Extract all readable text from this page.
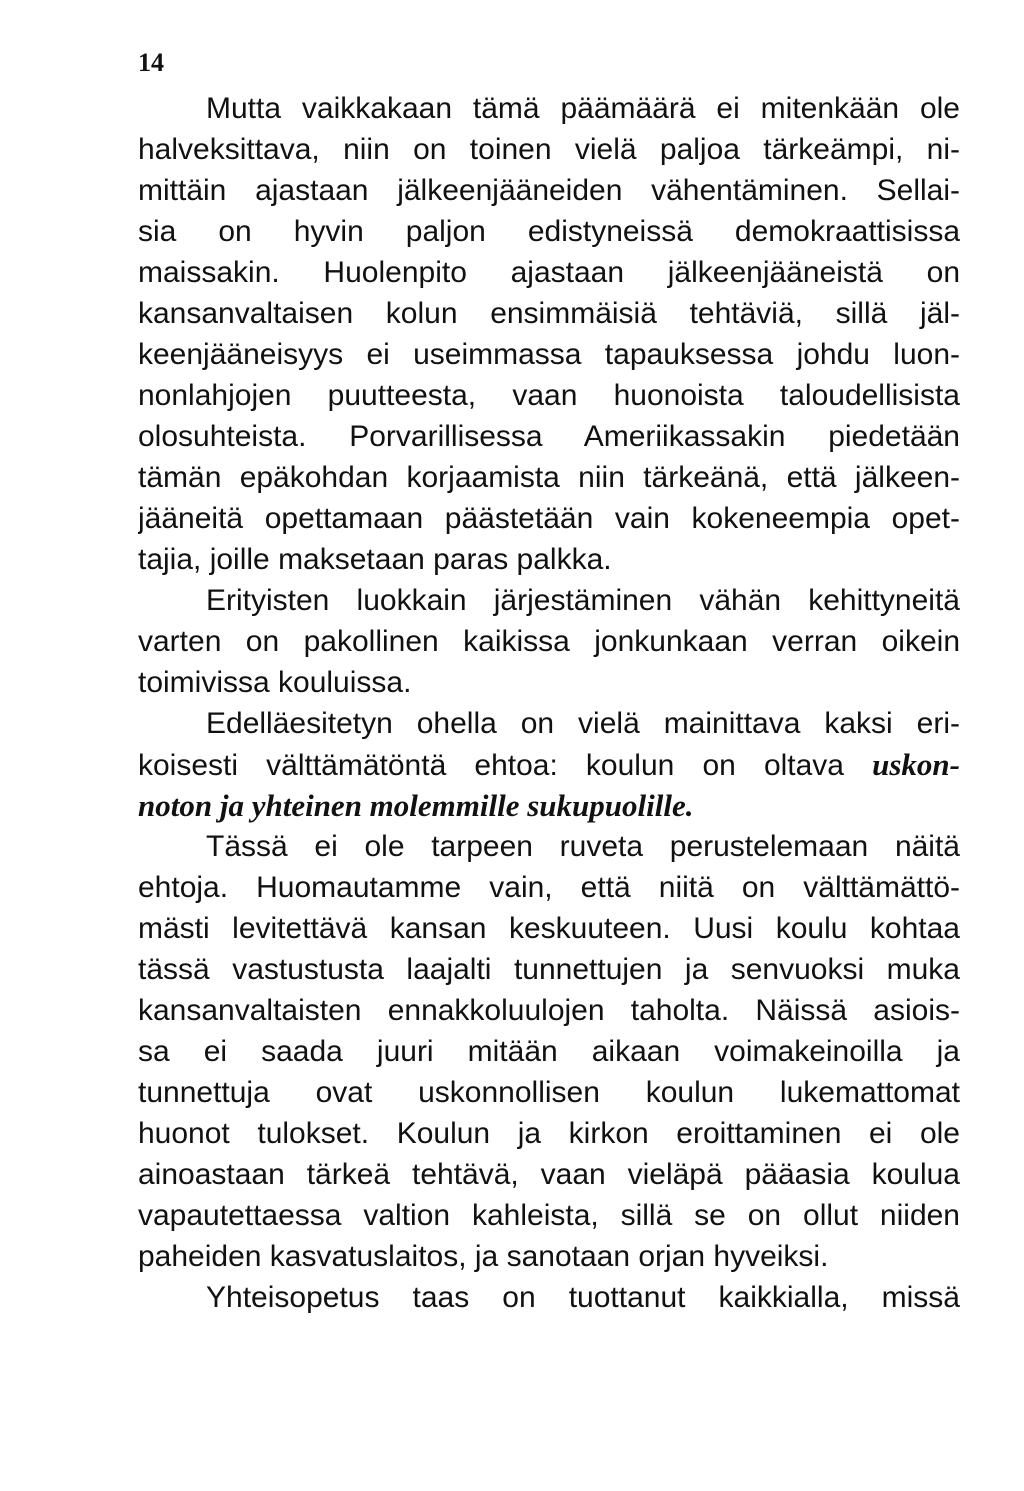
14
Mutta vaikkakaan tämä päämäärä ei mitenkään ole
halveksittava, niin on toinen vielä paljoa tärkeämpi, ni-
mittäin ajastaan jälkeenjääneiden vähentäminen. Sellai-
sia on hyvin paljon edistyneissä demokraattisissa
maissakin. Huolenpito ajastaan jälkeenjääneistä on
kansanvaltaisen kolun ensimmäisiä tehtäviä, sillä jäl-
keenjääneisyys ei useimmassa tapauksessa johdu luon-
nonlahjojen puutteesta, vaan huonoista taloudellisista
olosuhteista. Porvarillisessa Ameriikassakin piedetään
tämän epäkohdan korjaamista niin tärkeänä, että jälkeen-
jääneitä opettamaan päästetään vain kokeneempia opet-
tajia, joille maksetaan paras palkka.
Erityisten luokkain järjestäminen vähän kehittyneitä
varten on pakollinen kaikissa jonkunkaan verran oikein
toimivissa kouluissa.
Edelläesitetyn ohella on vielä mainittava kaksi eri-
koisesti välttämätöntä ehtoa: koulun on oltava uskon-
noton ja yhteinen molemmille sukupuolille.
Tässä ei ole tarpeen ruveta perustelemaan näitä
ehtoja. Huomautamme vain, että niitä on välttämättö-
mästi levitettävä kansan keskuuteen. Uusi koulu kohtaa
tässä vastustusta laajalti tunnettujen ja senvuoksi muka
kansanvaltaisten ennakkoluulojen taholta. Näissä asiois-
sa ei saada juuri mitään aikaan voimakeinoilla ja
tunnettuja ovat uskonnollisen koulun lukemattomat
huonot tulokset. Koulun ja kirkon eroittaminen ei ole
ainoastaan tärkeä tehtävä, vaan vieläpä pääasia koulua
vapautettaessa valtion kahleista, sillä se on ollut niiden
paheiden kasvatuslaitos, ja sanotaan orjan hyveiksi.
Yhteisopetus taas on tuottanut kaikkialla, missä
